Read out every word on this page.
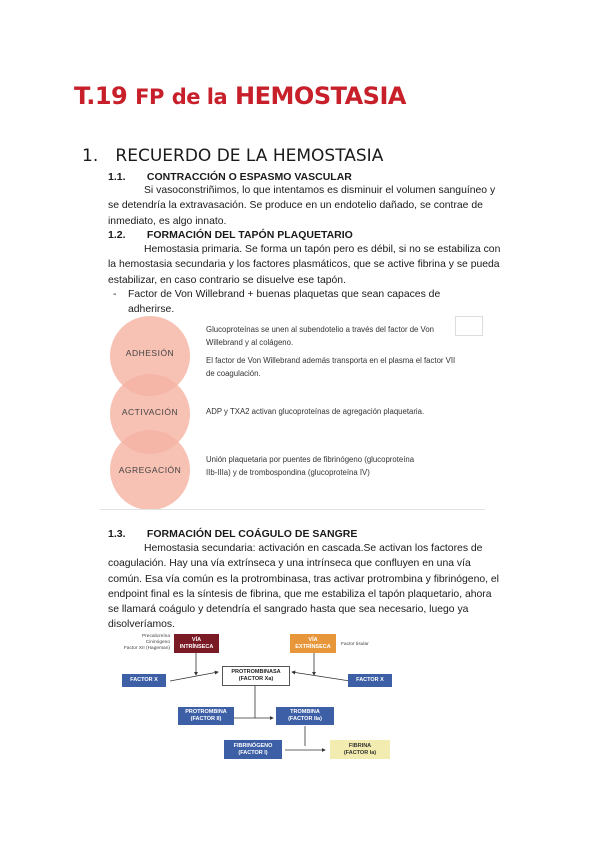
T.19 FP de la HEMOSTASIA
1. RECUERDO DE LA HEMOSTASIA
1.1. CONTRACCIÓN O ESPASMO VASCULAR
Si vasoconstriñimos, lo que intentamos es disminuir el volumen sanguíneo y
se detendría la extravasación. Se produce en un endotelio dañado, se contrae de
inmediato, es algo innato.
1.2. FORMACIÓN DEL TAPÓN PLAQUETARIO
Hemostasia primaria. Se forma un tapón pero es débil, si no se estabiliza con
la hemostasia secundaria y los factores plasmáticos, que se active fibrina y se pueda
estabilizar, en caso contrario se disuelve ese tapón.
- Factor de Von Willebrand + buenas plaquetas que sean capaces de
adherirse.
ADHESIÓN
ACTIVACIÓN
AGREGACIÓN
Glucoproteínas se unen al subendotelio a través del factor de Von
Willebrand y al colágeno.
El factor de Von Willebrand además transporta en el plasma el factor VII
de coagulación.
ADP y TXA2 activan glucoproteínas de agregación plaquetaria.
Unión plaquetaria por puentes de fibrinógeno (glucoproteína
IIb-IIIa) y de trombospondina (glucoproteína IV)
1.3. FORMACIÓN DEL COÁGULO DE SANGRE
Hemostasia secundaria: activación en cascada.Se activan los factores de
coagulación. Hay una vía extrínseca y una intrínseca que confluyen en una vía
común. Esa vía común es la protrombinasa, tras activar protrombina y fibrinógeno, el
endpoint final es la síntesis de fibrina, que me estabiliza el tapón plaquetario, ahora
se llamará coágulo y detendría el sangrado hasta que sea necesario, luego ya
disolveríamos.
Precalicreína
Cininógeno
Factor XII (Hageman)
VÍA
INTRÍNSECA
VÍA
EXTRÍNSECA Factor tisular
FACTOR X
PROTROMBINASA
(FACTOR Xa)	FACTOR X
PROTROMBINA
(FACTOR II)
TROMBINA
(FACTOR IIa)
FIBRINÓGENO
(FACTOR I)
FIBRINA
(FACTOR Ia)
